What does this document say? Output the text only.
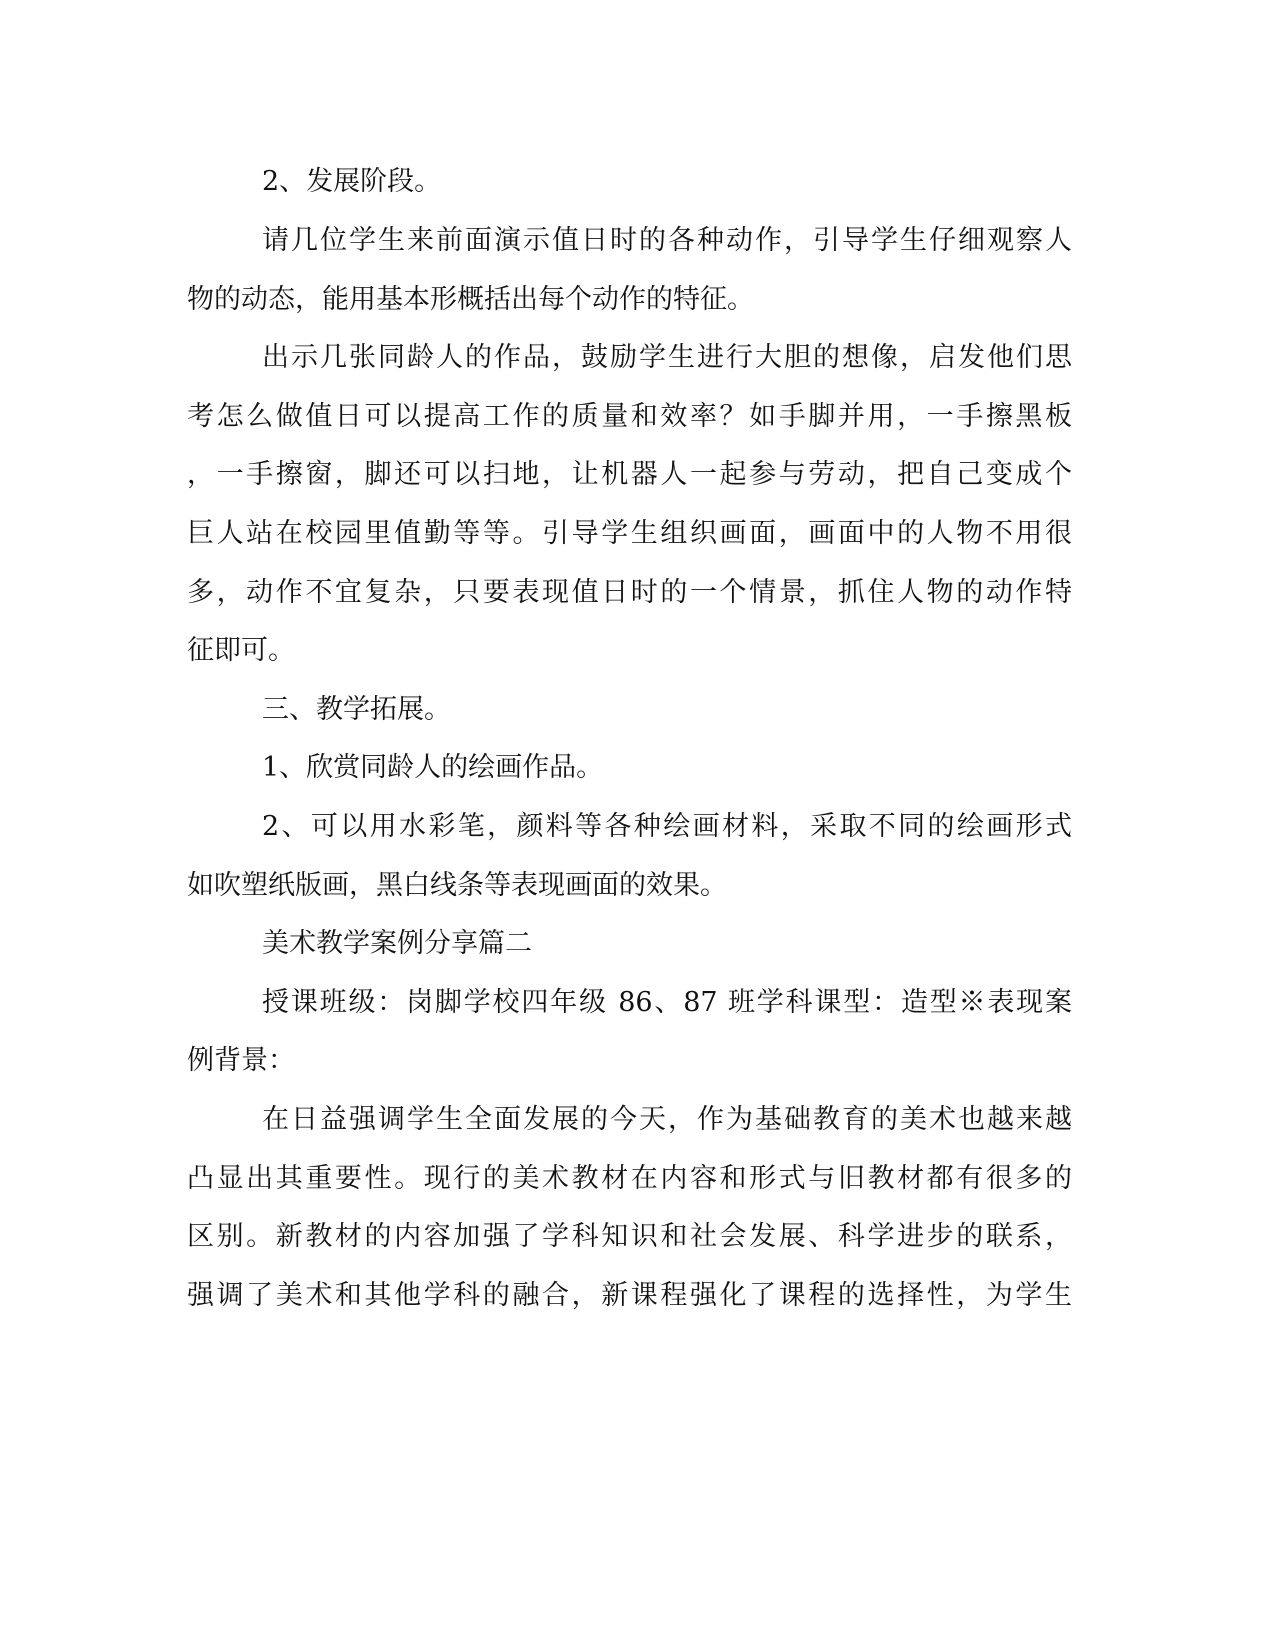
2、发展阶段。
请几位学生来前面演示值日时的各种动作，引导学生仔细观察人
物的动态，能用基本形概括出每个动作的特征。
出示几张同龄人的作品，鼓励学生进行大胆的想像，启发他们思
考怎么做值日可以提高工作的质量和效率？如手脚并用，一手擦黑板
，一手擦窗，脚还可以扫地，让机器人一起参与劳动，把自己变成个
巨人站在校园里值勤等等。引导学生组织画面，画面中的人物不用很
多，动作不宜复杂，只要表现值日时的一个情景，抓住人物的动作特
征即可。
三、教学拓展。
1、欣赏同龄人的绘画作品。
2、可以用水彩笔，颜料等各种绘画材料，采取不同的绘画形式
如吹塑纸版画，黑白线条等表现画面的效果。
美术教学案例分享篇二
授课班级：岗脚学校四年级 86、87 班学科课型：造型※表现案
例背景：
在日益强调学生全面发展的今天，作为基础教育的美术也越来越
凸显出其重要性。现行的美术教材在内容和形式与旧教材都有很多的
区别。新教材的内容加强了学科知识和社会发展、科学进步的联系，
强调了美术和其他学科的融合，新课程强化了课程的选择性，为学生
